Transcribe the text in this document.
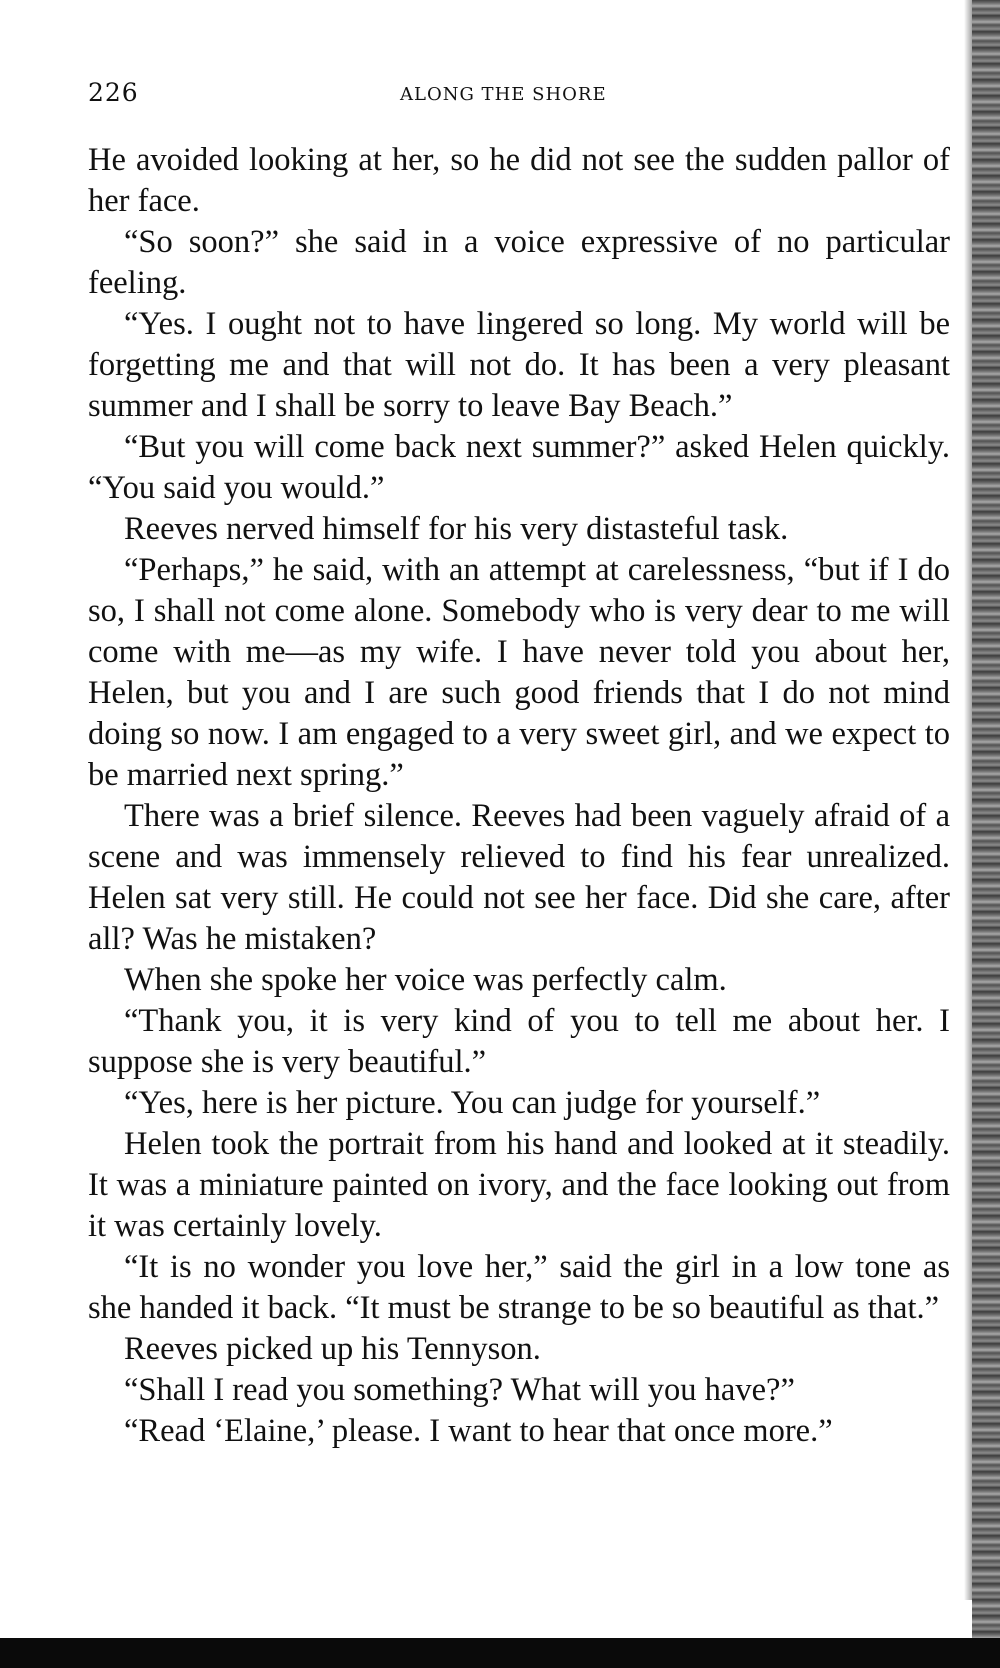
226	ALONG THE SHORE

He avoided looking at her, so he did not see the sudden pallor of her face.

“So soon?” she said in a voice expressive of no particular feeling.

“Yes. I ought not to have lingered so long. My world will be forgetting me and that will not do. It has been a very pleasant summer and I shall be sorry to leave Bay Beach.”

“But you will come back next summer?” asked Helen quickly. “You said you would.”

Reeves nerved himself for his very distasteful task.

“Perhaps,” he said, with an attempt at carelessness, “but if I do so, I shall not come alone. Somebody who is very dear to me will come with me—as my wife. I have never told you about her, Helen, but you and I are such good friends that I do not mind doing so now. I am engaged to a very sweet girl, and we expect to be married next spring.”

There was a brief silence. Reeves had been vaguely afraid of a scene and was immensely relieved to find his fear unrealized. Helen sat very still. He could not see her face. Did she care, after all? Was he mistaken?

When she spoke her voice was perfectly calm.

“Thank you, it is very kind of you to tell me about her. I suppose she is very beautiful.”

“Yes, here is her picture. You can judge for yourself.”

Helen took the portrait from his hand and looked at it steadily. It was a miniature painted on ivory, and the face looking out from it was certainly lovely.

“It is no wonder you love her,” said the girl in a low tone as she handed it back. “It must be strange to be so beautiful as that.”

Reeves picked up his Tennyson.

“Shall I read you something? What will you have?”

“Read ‘Elaine,’ please. I want to hear that once more.”
